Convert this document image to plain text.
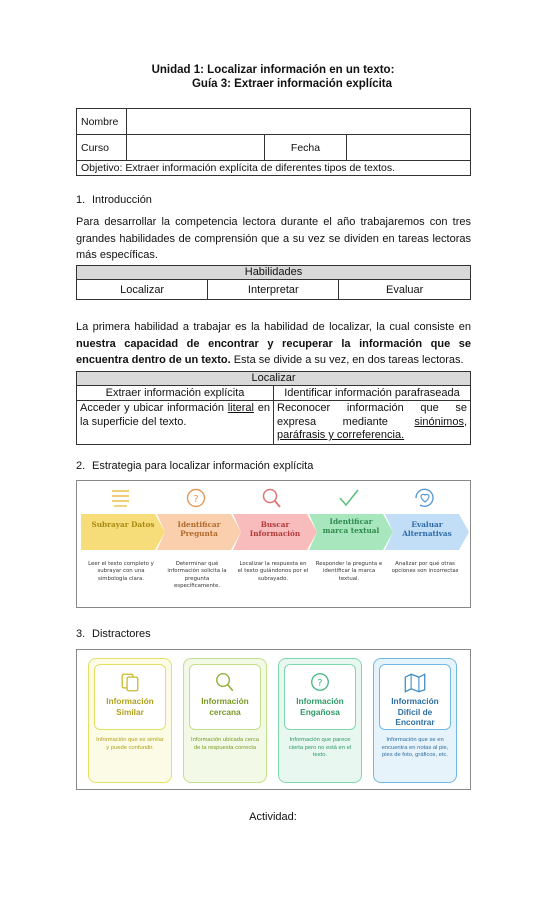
Unidad 1: Localizar información en un texto:
Guía 3: Extraer información explícita
Nombre			
Curso		Fecha	
Objetivo: Extraer información explícita de diferentes tipos de textos.			
1. Introducción
Para desarrollar la competencia lectora durante el año trabajaremos con tres grandes habilidades de comprensión que a su vez se dividen en tareas lectoras más específicas.
Habilidades
Localizar	Interpretar	Evaluar
La primera habilidad a trabajar es la habilidad de localizar, la cual consiste en nuestra capacidad de encontrar y recuperar la información que se encuentra dentro de un texto. Esta se divide a su vez, en dos tareas lectoras.
Localizar	
Extraer información explícita	Identificar información parafraseada
Acceder y ubicar información literal en la superficie del texto.	Reconocer información que se expresa mediante sinónimos, paráfrasis y correferencia.
2. Estrategia para localizar información explícita
Subrayar Datos
Leer el texto completo y subrayar con una simbología clara.
?
Identificar Pregunta
Determinar qué información solicita la pregunta específicamente.
Buscar Información
Localizar la respuesta en el texto guiándonos por el subrayado.
Identificar marca textual
Responder la pregunta e identificar la marca textual.
Evaluar Alternativas
Analizar por qué otras opciones son incorrectas
3. Distractores
Información Similar
Información que es similar y puede confundir.
Información cercana
Información ubicada cerca de la respuesta correcta
?
Información Engañosa
Información que parece cierta pero no está en el texto.
Información Difícil de Encontrar
Información que se en encuentra en notas al pie, pies de foto, gráficos, etc.
Actividad:
